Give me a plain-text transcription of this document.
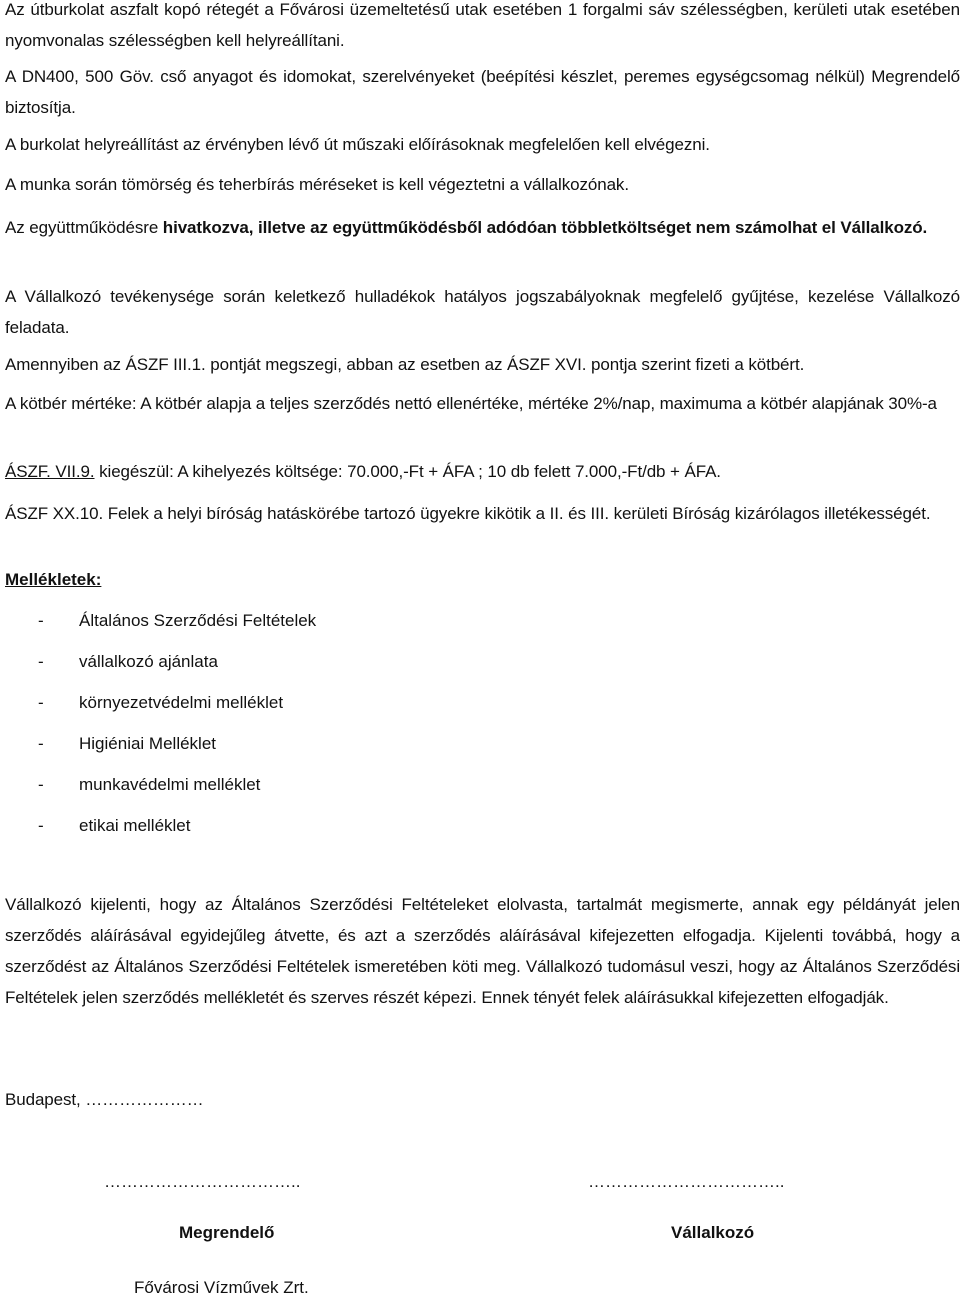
Az útburkolat aszfalt kopó rétegét a Fővárosi üzemeltetésű utak esetében 1 forgalmi sáv szélességben, kerületi utak esetében nyomvonalas szélességben kell helyreállítani.

A DN400, 500 Göv. cső anyagot és idomokat, szerelvényeket (beépítési készlet, peremes egységcsomag nélkül) Megrendelő biztosítja.

A burkolat helyreállítást az érvényben lévő út műszaki előírásoknak megfelelően kell elvégezni.

A munka során tömörség és teherbírás méréseket is kell végeztetni a vállalkozónak.

Az együttműködésre hivatkozva, illetve az együttműködésből adódóan többletköltséget nem számolhat el Vállalkozó.

A Vállalkozó tevékenysége során keletkező hulladékok hatályos jogszabályoknak megfelelő gyűjtése, kezelése Vállalkozó feladata.

Amennyiben az ÁSZF III.1. pontját megszegi, abban az esetben az ÁSZF XVI. pontja szerint fizeti a kötbért.

A kötbér mértéke: A kötbér alapja a teljes szerződés nettó ellenértéke, mértéke 2%/nap, maximuma a kötbér alapjának 30%-a

ÁSZF. VII.9. kiegészül: A kihelyezés költsége: 70.000,-Ft + ÁFA ; 10 db felett 7.000,-Ft/db + ÁFA.

ÁSZF XX.10. Felek a helyi bíróság hatáskörébe tartozó ügyekre kikötik a II. és III. kerületi Bíróság kizárólagos illetékességét.

Mellékletek:
- Általános Szerződési Feltételek
- vállalkozó ajánlata
- környezetvédelmi melléklet
- Higiéniai Melléklet
- munkavédelmi melléklet
- etikai melléklet

Vállalkozó kijelenti, hogy az Általános Szerződési Feltételeket elolvasta, tartalmát megismerte, annak egy példányát jelen szerződés aláírásával egyidejűleg átvette, és azt a szerződés aláírásával kifejezetten elfogadja. Kijelenti továbbá, hogy a szerződést az Általános Szerződési Feltételek ismeretében köti meg. Vállalkozó tudomásul veszi, hogy az Általános Szerződési Feltételek jelen szerződés mellékletét és szerves részét képezi. Ennek tényét felek aláírásukkal kifejezetten elfogadják.

Budapest, …………………

……………………………..	……………………………..
Megrendelő	Vállalkozó
Fővárosi Vízművek Zrt.
